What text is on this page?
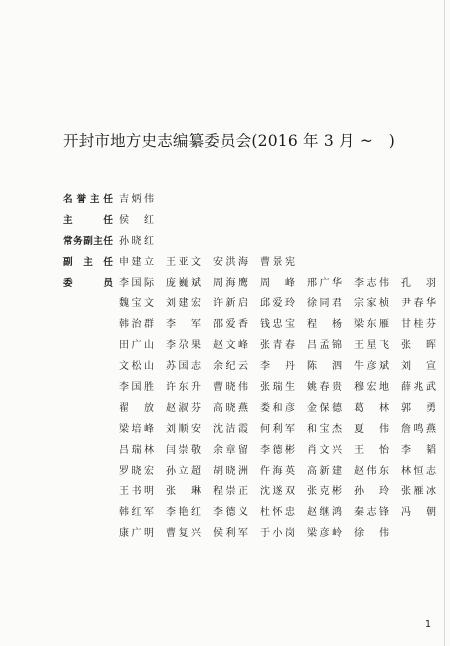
开封市地方史志编纂委员会(2016 年 3 月 ~　)
名誉主任 吉炳伟
主任 侯红
常务副主任 孙晓红
副主任 申建立 王亚文 安洪海 曹景宪
委员 李国际 庞巍斌 周海鹰 周峰 邢广华 李志伟 孔羽
魏宝文 刘建宏 许新启 邱爱玲 徐同君 宗家桢 尹春华
韩治群 李军 邵爱香 钱忠宝 程杨 梁东雁 甘桂芬
田广山 李尕果 赵文峰 张青春 吕孟锦 王星飞 张晖
文松山 苏国志 余纪云 李丹 陈泗 牛彦斌 刘宣
李国胜 许东升 曹晓伟 张瑞生 姚春贵 穆宏地 薛兆武
翟放 赵淑芬 高晓燕 娄和彦 金保德 葛林 郭勇
梁培峰 刘顺安 沈洁霞 何利军 和宝杰 夏伟 詹鸣燕
吕瑞林 闫崇敬 余章留 李德彬 肖文兴 王怡 李韬
罗晓宏 孙立超 胡晓洲 仵海英 高新建 赵伟东 林恒志
王书明 张琳 程崇正 沈遂双 张克彬 孙玲 张雁冰
韩红军 李艳红 李德义 杜怀忠 赵继鸿 秦志锋 冯朝
康广明 曹复兴 侯利军 于小岗 梁彦岭 徐伟
1
